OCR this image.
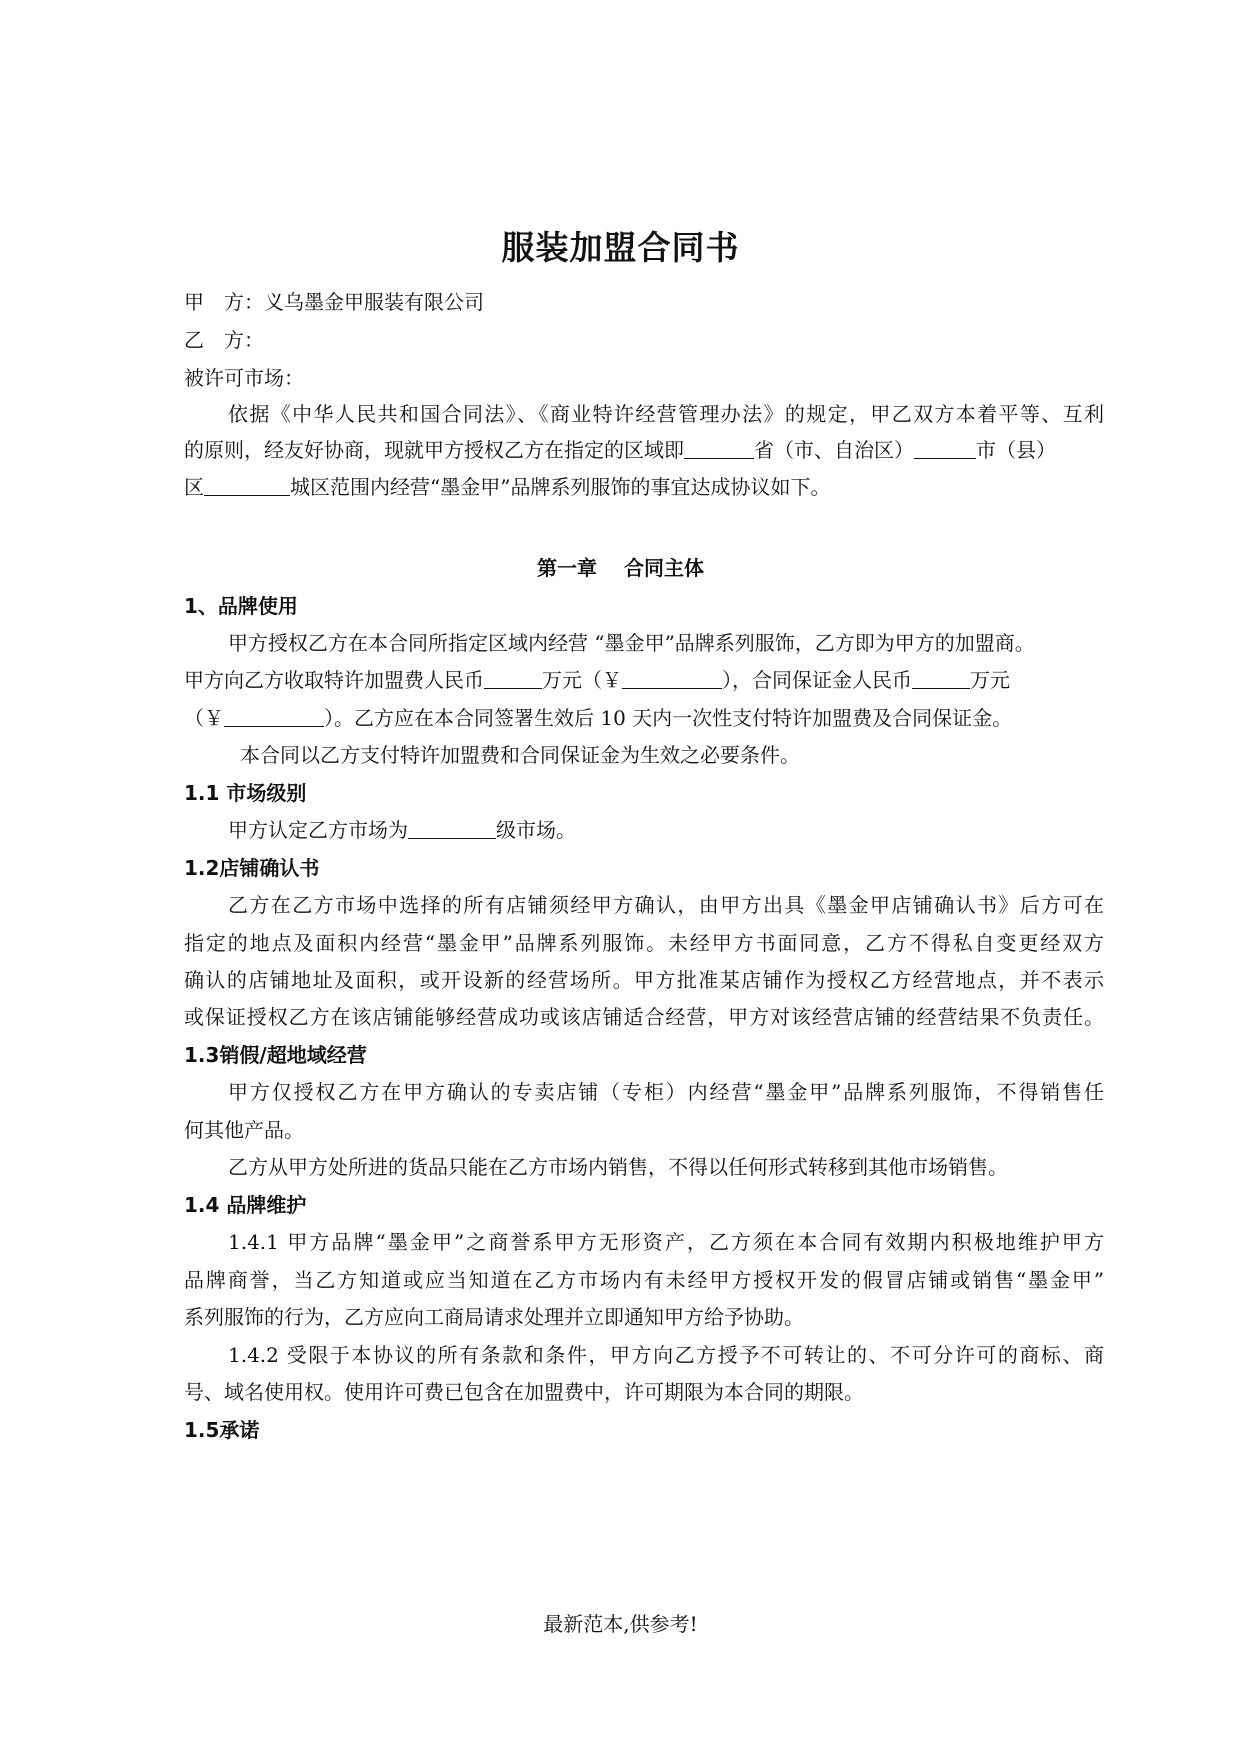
服装加盟合同书
甲　方：义乌墨金甲服装有限公司
乙　方：
被许可市场：
依据《中华人民共和国合同法》、《商业特许经营管理办法》的规定，甲乙双方本着平等、互利
的原则，经友好协商，现就甲方授权乙方在指定的区域即	省（市、自治区）	市（县）
区	城区范围内经营“墨金甲”品牌系列服饰的事宜达成协议如下。
第一章　 合同主体
1、品牌使用
甲方授权乙方在本合同所指定区域内经营 “墨金甲”品牌系列服饰，乙方即为甲方的加盟商。
甲方向乙方收取特许加盟费人民币	万元（￥	），合同保证金人民币	万元
（￥	）。乙方应在本合同签署生效后 10 天内一次性支付特许加盟费及合同保证金。
本合同以乙方支付特许加盟费和合同保证金为生效之必要条件。
1.1 市场级别
甲方认定乙方市场为	级市场。
1.2店铺确认书
乙方在乙方市场中选择的所有店铺须经甲方确认，由甲方出具《墨金甲店铺确认书》后方可在
指定的地点及面积内经营“墨金甲”品牌系列服饰。未经甲方书面同意，乙方不得私自变更经双方
确认的店铺地址及面积，或开设新的经营场所。甲方批准某店铺作为授权乙方经营地点，并不表示
或保证授权乙方在该店铺能够经营成功或该店铺适合经营，甲方对该经营店铺的经营结果不负责任。
1.3销假/超地域经营
甲方仅授权乙方在甲方确认的专卖店铺（专柜）内经营“墨金甲”品牌系列服饰，不得销售任
何其他产品。
乙方从甲方处所进的货品只能在乙方市场内销售，不得以任何形式转移到其他市场销售。
1.4 品牌维护
1.4.1 甲方品牌“墨金甲”之商誉系甲方无形资产，乙方须在本合同有效期内积极地维护甲方
品牌商誉，当乙方知道或应当知道在乙方市场内有未经甲方授权开发的假冒店铺或销售“墨金甲”
系列服饰的行为，乙方应向工商局请求处理并立即通知甲方给予协助。
1.4.2 受限于本协议的所有条款和条件，甲方向乙方授予不可转让的、不可分许可的商标、商
号、域名使用权。使用许可费已包含在加盟费中，许可期限为本合同的期限。
1.5承诺
最新范本,供参考!
